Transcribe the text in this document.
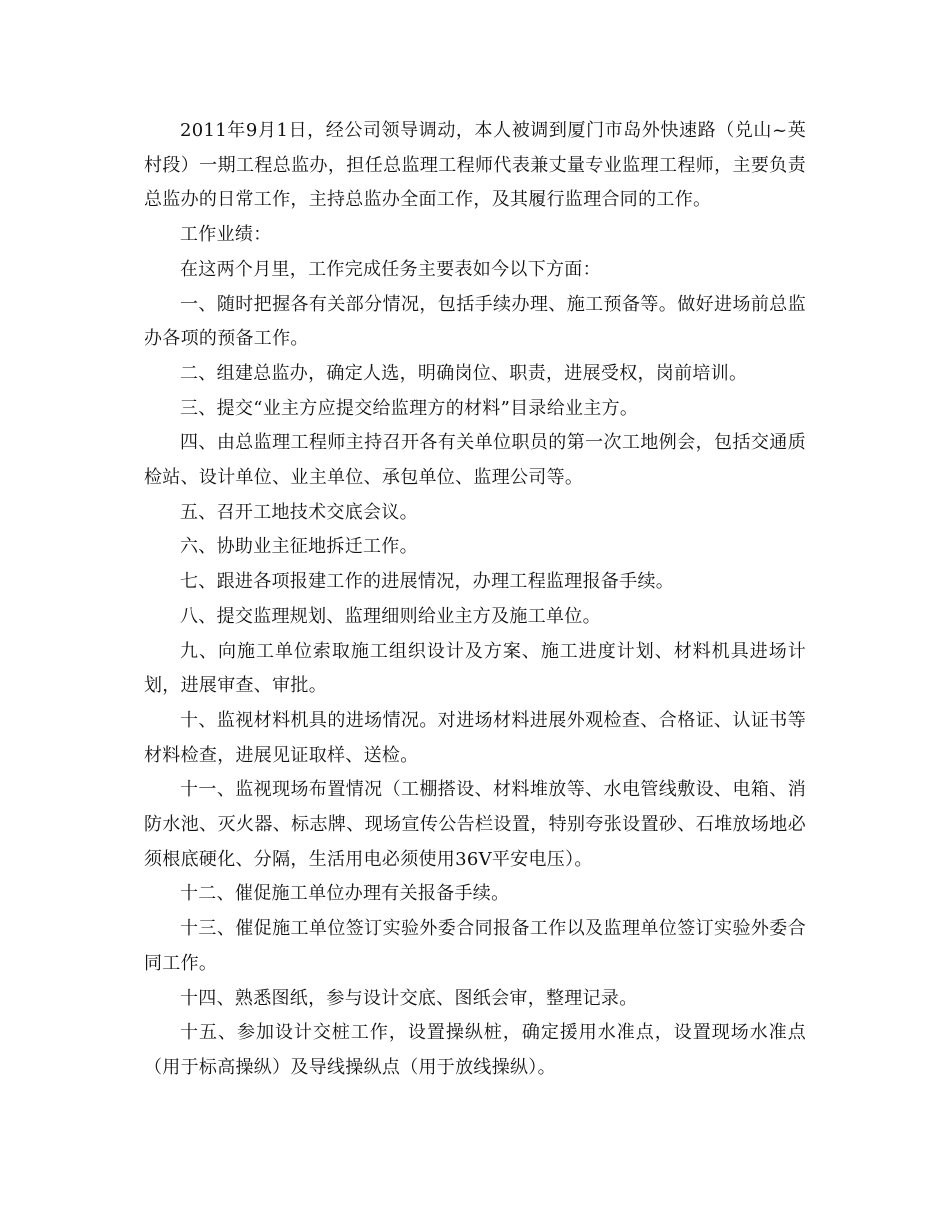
2011年9月1日，经公司领导调动，本人被调到厦门市岛外快速路（兑山~英村段）一期工程总监办，担任总监理工程师代表兼丈量专业监理工程师，主要负责总监办的日常工作，主持总监办全面工作，及其履行监理合同的工作。

工作业绩：

在这两个月里，工作完成任务主要表如今以下方面：

一、随时把握各有关部分情况，包括手续办理、施工预备等。做好进场前总监办各项的预备工作。

二、组建总监办，确定人选，明确岗位、职责，进展受权，岗前培训。

三、提交“业主方应提交给监理方的材料”目录给业主方。

四、由总监理工程师主持召开各有关单位职员的第一次工地例会，包括交通质检站、设计单位、业主单位、承包单位、监理公司等。

五、召开工地技术交底会议。

六、协助业主征地拆迁工作。

七、跟进各项报建工作的进展情况，办理工程监理报备手续。

八、提交监理规划、监理细则给业主方及施工单位。

九、向施工单位索取施工组织设计及方案、施工进度计划、材料机具进场计划，进展审查、审批。

十、监视材料机具的进场情况。对进场材料进展外观检查、合格证、认证书等材料检查，进展见证取样、送检。

十一、监视现场布置情况（工棚搭设、材料堆放等、水电管线敷设、电箱、消防水池、灭火器、标志牌、现场宣传公告栏设置，特别夸张设置砂、石堆放场地必须根底硬化、分隔，生活用电必须使用36V平安电压）。

十二、催促施工单位办理有关报备手续。

十三、催促施工单位签订实验外委合同报备工作以及监理单位签订实验外委合同工作。

十四、熟悉图纸，参与设计交底、图纸会审，整理记录。

十五、参加设计交桩工作，设置操纵桩，确定援用水准点，设置现场水准点（用于标高操纵）及导线操纵点（用于放线操纵）。
